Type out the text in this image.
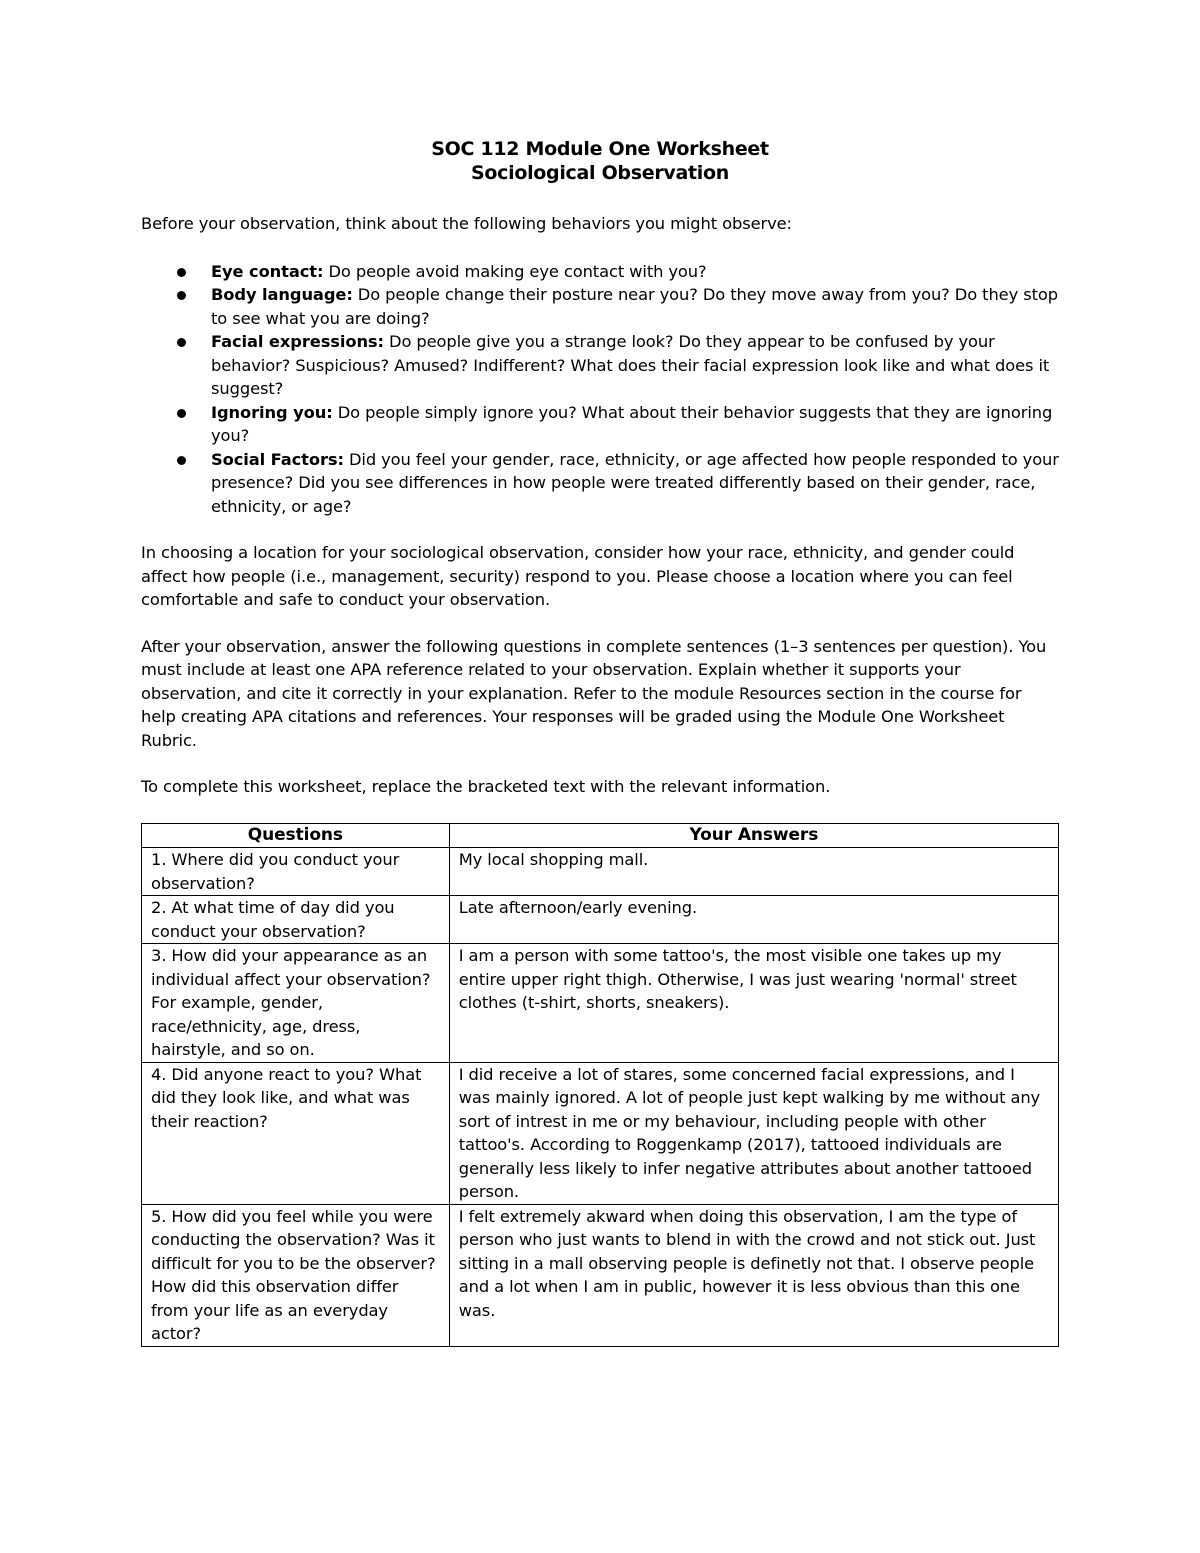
SOC 112 Module One Worksheet

Sociological Observation

Before your observation, think about the following behaviors you might observe:

Eye contact: Do people avoid making eye contact with you?
Body language: Do people change their posture near you? Do they move away from you? Do they stop to see what you are doing?
Facial expressions: Do people give you a strange look? Do they appear to be confused by your behavior? Suspicious? Amused? Indifferent? What does their facial expression look like and what does it suggest?
Ignoring you: Do people simply ignore you? What about their behavior suggests that they are ignoring you?
Social Factors: Did you feel your gender, race, ethnicity, or age affected how people responded to your presence? Did you see differences in how people were treated differently based on their gender, race, ethnicity, or age?

In choosing a location for your sociological observation, consider how your race, ethnicity, and gender could affect how people (i.e., management, security) respond to you. Please choose a location where you can feel comfortable and safe to conduct your observation.

After your observation, answer the following questions in complete sentences (1–3 sentences per question). You must include at least one APA reference related to your observation. Explain whether it supports your observation, and cite it correctly in your explanation. Refer to the module Resources section in the course for help creating APA citations and references. Your responses will be graded using the Module One Worksheet Rubric.

To complete this worksheet, replace the bracketed text with the relevant information.

Questions	Your Answers
1. Where did you conduct your observation?	My local shopping mall.
2. At what time of day did you conduct your observation?	Late afternoon/early evening.
3. How did your appearance as an individual affect your observation? For example, gender, race/ethnicity, age, dress, hairstyle, and so on.	I am a person with some tattoo's, the most visible one takes up my entire upper right thigh. Otherwise, I was just wearing 'normal' street clothes (t-shirt, shorts, sneakers).
4. Did anyone react to you? What did they look like, and what was their reaction?	I did receive a lot of stares, some concerned facial expressions, and I was mainly ignored. A lot of people just kept walking by me without any sort of intrest in me or my behaviour, including people with other tattoo's. According to Roggenkamp (2017), tattooed individuals are generally less likely to infer negative attributes about another tattooed person.
5. How did you feel while you were conducting the observation? Was it difficult for you to be the observer? How did this observation differ from your life as an everyday actor?	I felt extremely akward when doing this observation, I am the type of person who just wants to blend in with the crowd and not stick out. Just sitting in a mall observing people is definetly not that. I observe people and a lot when I am in public, however it is less obvious than this one was.
